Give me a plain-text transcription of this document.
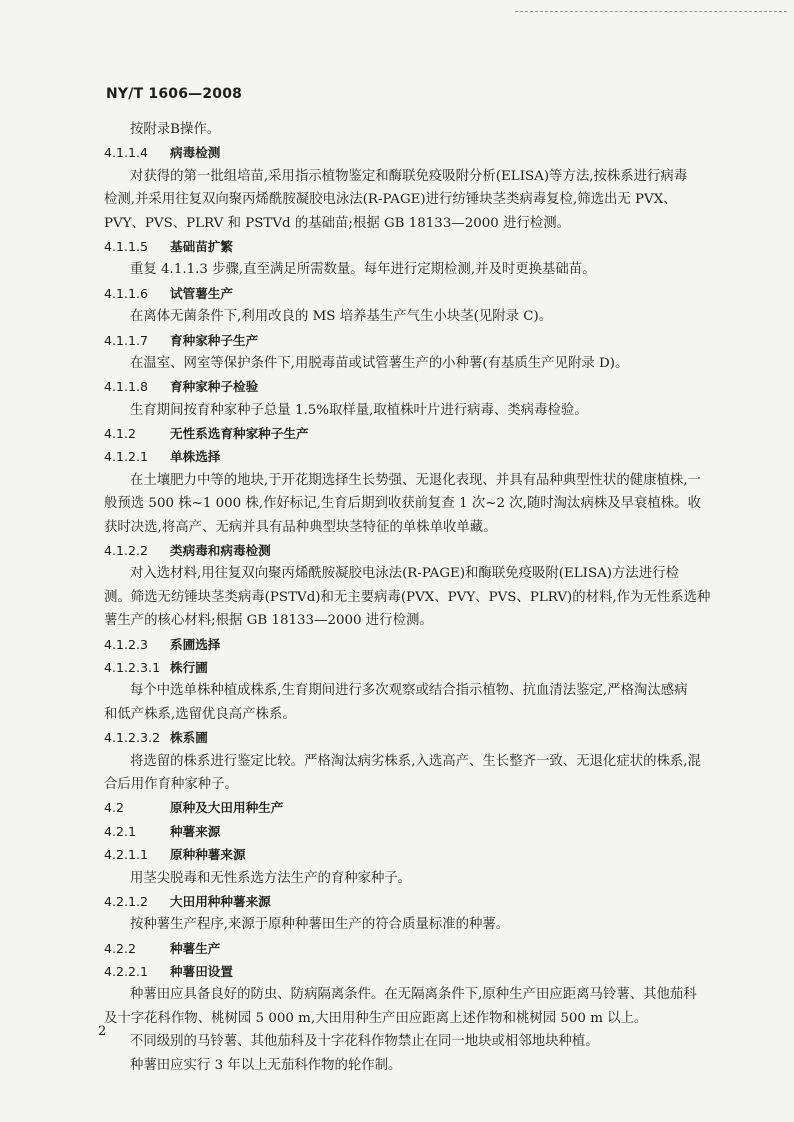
NY/T 1606—2008
按附录B操作。
4.1.1.4 病毒检测
对获得的第一批组培苗,采用指示植物鉴定和酶联免疫吸附分析(ELISA)等方法,按株系进行病毒
检测,并采用往复双向聚丙烯酰胺凝胶电泳法(R-PAGE)进行纺锤块茎类病毒复检,筛选出无 PVX、
PVY、PVS、PLRV 和 PSTVd 的基础苗;根据 GB 18133—2000 进行检测。
4.1.1.5 基础苗扩繁
重复 4.1.1.3 步骤,直至满足所需数量。每年进行定期检测,并及时更换基础苗。
4.1.1.6 试管薯生产
在离体无菌条件下,利用改良的 MS 培养基生产气生小块茎(见附录 C)。
4.1.1.7 育种家种子生产
在温室、网室等保护条件下,用脱毒苗或试管薯生产的小种薯(有基质生产见附录 D)。
4.1.1.8 育种家种子检验
生育期间按育种家种子总量 1.5%取样量,取植株叶片进行病毒、类病毒检验。
4.1.2	无性系选育种家种子生产
4.1.2.1 单株选择
在土壤肥力中等的地块,于开花期选择生长势强、无退化表现、并具有品种典型性状的健康植株,一
般预选 500 株~1 000 株,作好标记,生育后期到收获前复查 1 次~2 次,随时淘汰病株及早衰植株。收
获时决选,将高产、无病并具有品种典型块茎特征的单株单收单藏。
4.1.2.2 类病毒和病毒检测
对入选材料,用往复双向聚丙烯酰胺凝胶电泳法(R-PAGE)和酶联免疫吸附(ELISA)方法进行检
测。筛选无纺锤块茎类病毒(PSTVd)和无主要病毒(PVX、PVY、PVS、PLRV)的材料,作为无性系选种
薯生产的核心材料;根据 GB 18133—2000 进行检测。
4.1.2.3 系圃选择
4.1.2.3.1 株行圃
每个中选单株种植成株系,生育期间进行多次观察或结合指示植物、抗血清法鉴定,严格淘汰感病
和低产株系,选留优良高产株系。
4.1.2.3.2 株系圃
将选留的株系进行鉴定比较。严格淘汰病劣株系,入选高产、生长整齐一致、无退化症状的株系,混
合后用作育种家种子。
4.2	原种及大田用种生产
4.2.1	种薯来源
4.2.1.1 原种种薯来源
用茎尖脱毒和无性系选方法生产的育种家种子。
4.2.1.2 大田用种种薯来源
按种薯生产程序,来源于原种种薯田生产的符合质量标准的种薯。
4.2.2	种薯生产
4.2.2.1 种薯田设置
种薯田应具备良好的防虫、防病隔离条件。在无隔离条件下,原种生产田应距离马铃薯、其他茄科
及十字花科作物、桃树园 5 000 m,大田用种生产田应距离上述作物和桃树园 500 m 以上。
不同级别的马铃薯、其他茄科及十字花科作物禁止在同一地块或相邻地块种植。
种薯田应实行 3 年以上无茄科作物的轮作制。
2
